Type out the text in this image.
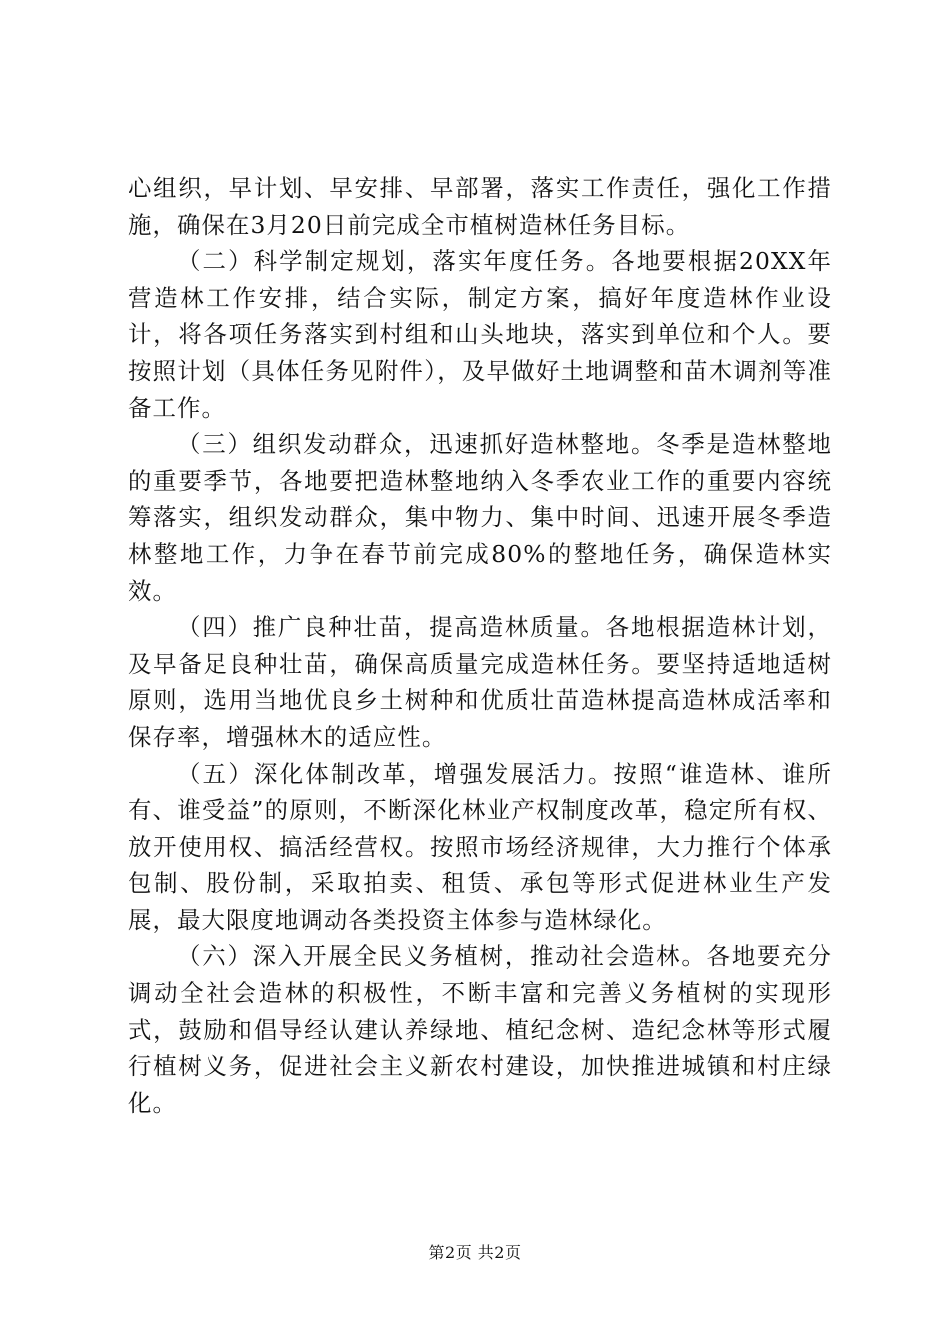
心组织，早计划、早安排、早部署，落实工作责任，强化工作措施，确保在3月20日前完成全市植树造林任务目标。

（二）科学制定规划，落实年度任务。各地要根据20XX年营造林工作安排，结合实际，制定方案，搞好年度造林作业设计，将各项任务落实到村组和山头地块，落实到单位和个人。要按照计划（具体任务见附件），及早做好土地调整和苗木调剂等准备工作。

（三）组织发动群众，迅速抓好造林整地。冬季是造林整地的重要季节，各地要把造林整地纳入冬季农业工作的重要内容统筹落实，组织发动群众，集中物力、集中时间、迅速开展冬季造林整地工作，力争在春节前完成80%的整地任务，确保造林实效。

（四）推广良种壮苗，提高造林质量。各地根据造林计划，及早备足良种壮苗，确保高质量完成造林任务。要坚持适地适树原则，选用当地优良乡土树种和优质壮苗造林提高造林成活率和保存率，增强林木的适应性。

（五）深化体制改革，增强发展活力。按照“谁造林、谁所有、谁受益”的原则，不断深化林业产权制度改革，稳定所有权、放开使用权、搞活经营权。按照市场经济规律，大力推行个体承包制、股份制，采取拍卖、租赁、承包等形式促进林业生产发展，最大限度地调动各类投资主体参与造林绿化。

（六）深入开展全民义务植树，推动社会造林。各地要充分调动全社会造林的积极性，不断丰富和完善义务植树的实现形式，鼓励和倡导经认建认养绿地、植纪念树、造纪念林等形式履行植树义务，促进社会主义新农村建设，加快推进城镇和村庄绿化。

第2页 共2页
